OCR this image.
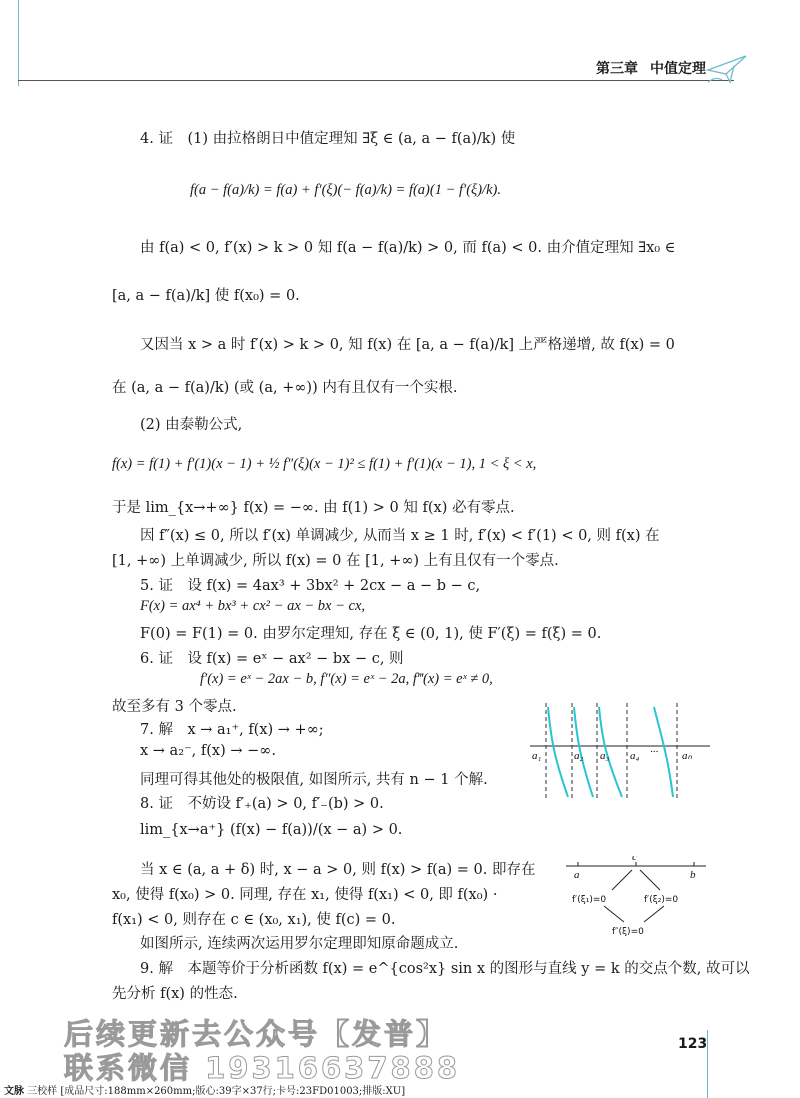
第三章 中值定理
4. 证　(1) 由拉格朗日中值定理知 ∃ξ ∈ (a, a − f(a)/k) 使
f(a − f(a)/k) = f(a) + f′(ξ)(− f(a)/k) = f(a)(1 − f′(ξ)/k).
由 f(a) < 0, f′(x) > k > 0 知 f(a − f(a)/k) > 0, 而 f(a) < 0. 由介值定理知 ∃x₀ ∈
[a, a − f(a)/k] 使 f(x₀) = 0.
又因当 x > a 时 f′(x) > k > 0, 知 f(x) 在 [a, a − f(a)/k] 上严格递增, 故 f(x) = 0
在 (a, a − f(a)/k) (或 (a, +∞)) 内有且仅有一个实根.
(2) 由泰勒公式,
f(x) = f(1) + f′(1)(x − 1) + ½ f″(ξ)(x − 1)² ≤ f(1) + f′(1)(x − 1), 1 < ξ < x,
于是 lim_{x→+∞} f(x) = −∞. 由 f(1) > 0 知 f(x) 必有零点.
因 f″(x) ≤ 0, 所以 f′(x) 单调减少, 从而当 x ≥ 1 时, f′(x) < f′(1) < 0, 则 f(x) 在
[1, +∞) 上单调减少, 所以 f(x) = 0 在 [1, +∞) 上有且仅有一个零点.
5. 证　设 f(x) = 4ax³ + 3bx² + 2cx − a − b − c,
F(x) = ax⁴ + bx³ + cx² − ax − bx − cx,
F(0) = F(1) = 0. 由罗尔定理知, 存在 ξ ∈ (0, 1), 使 F′(ξ) = f(ξ) = 0.
6. 证　设 f(x) = eˣ − ax² − bx − c, 则
f′(x) = eˣ − 2ax − b, f″(x) = eˣ − 2a, f‴(x) = eˣ ≠ 0,
故至多有 3 个零点.
7. 解　x → a₁⁺, f(x) → +∞;
x → a₂⁻, f(x) → −∞.
同理可得其他处的极限值, 如图所示, 共有 n − 1 个解.
8. 证　不妨设 f′₊(a) > 0, f′₋(b) > 0.
lim_{x→a⁺} (f(x) − f(a))/(x − a) > 0.
当 x ∈ (a, a + δ) 时, x − a > 0, 则 f(x) > f(a) = 0. 即存在
x₀, 使得 f(x₀) > 0. 同理, 存在 x₁, 使得 f(x₁) < 0, 即 f(x₀) ·
f(x₁) < 0, 则存在 c ∈ (x₀, x₁), 使 f(c) = 0.
如图所示, 连续两次运用罗尔定理即知原命题成立.
9. 解　本题等价于分析函数 f(x) = e^{cos²x} sin x 的图形与直线 y = k 的交点个数, 故可以
先分析 f(x) 的性态.
a₁	a₂ a₃ a₄ ··· aₙ
a
c
b
f′(ξ₁)=0	f′(ξ₂)=0
f″(ξ)=0
后续更新去公众号【发普】
联系微信 19316637888
123
文脉 三校样 [成品尺寸:188mm×260mm;版心:39字×37行;卡号:23FD01003;排版:XU]
